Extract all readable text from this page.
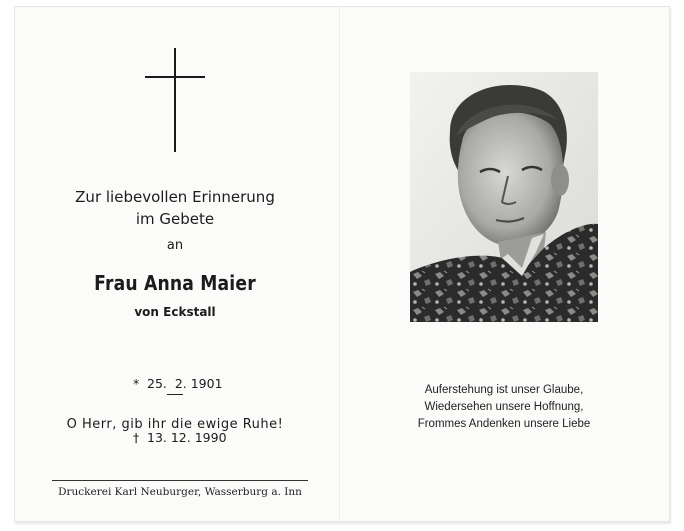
Zur liebevollen Erinnerung
im Gebete
an
Frau Anna Maier
von Eckstall

* 25.  2. 1901

† 13. 12. 1990

O Herr, gib ihr die ewige Ruhe!
Druckerei Karl Neuburger, Wasserburg a. Inn
Auferstehung ist unser Glaube,
Wiedersehen unsere Hoffnung,
Frommes Andenken unsere Liebe
